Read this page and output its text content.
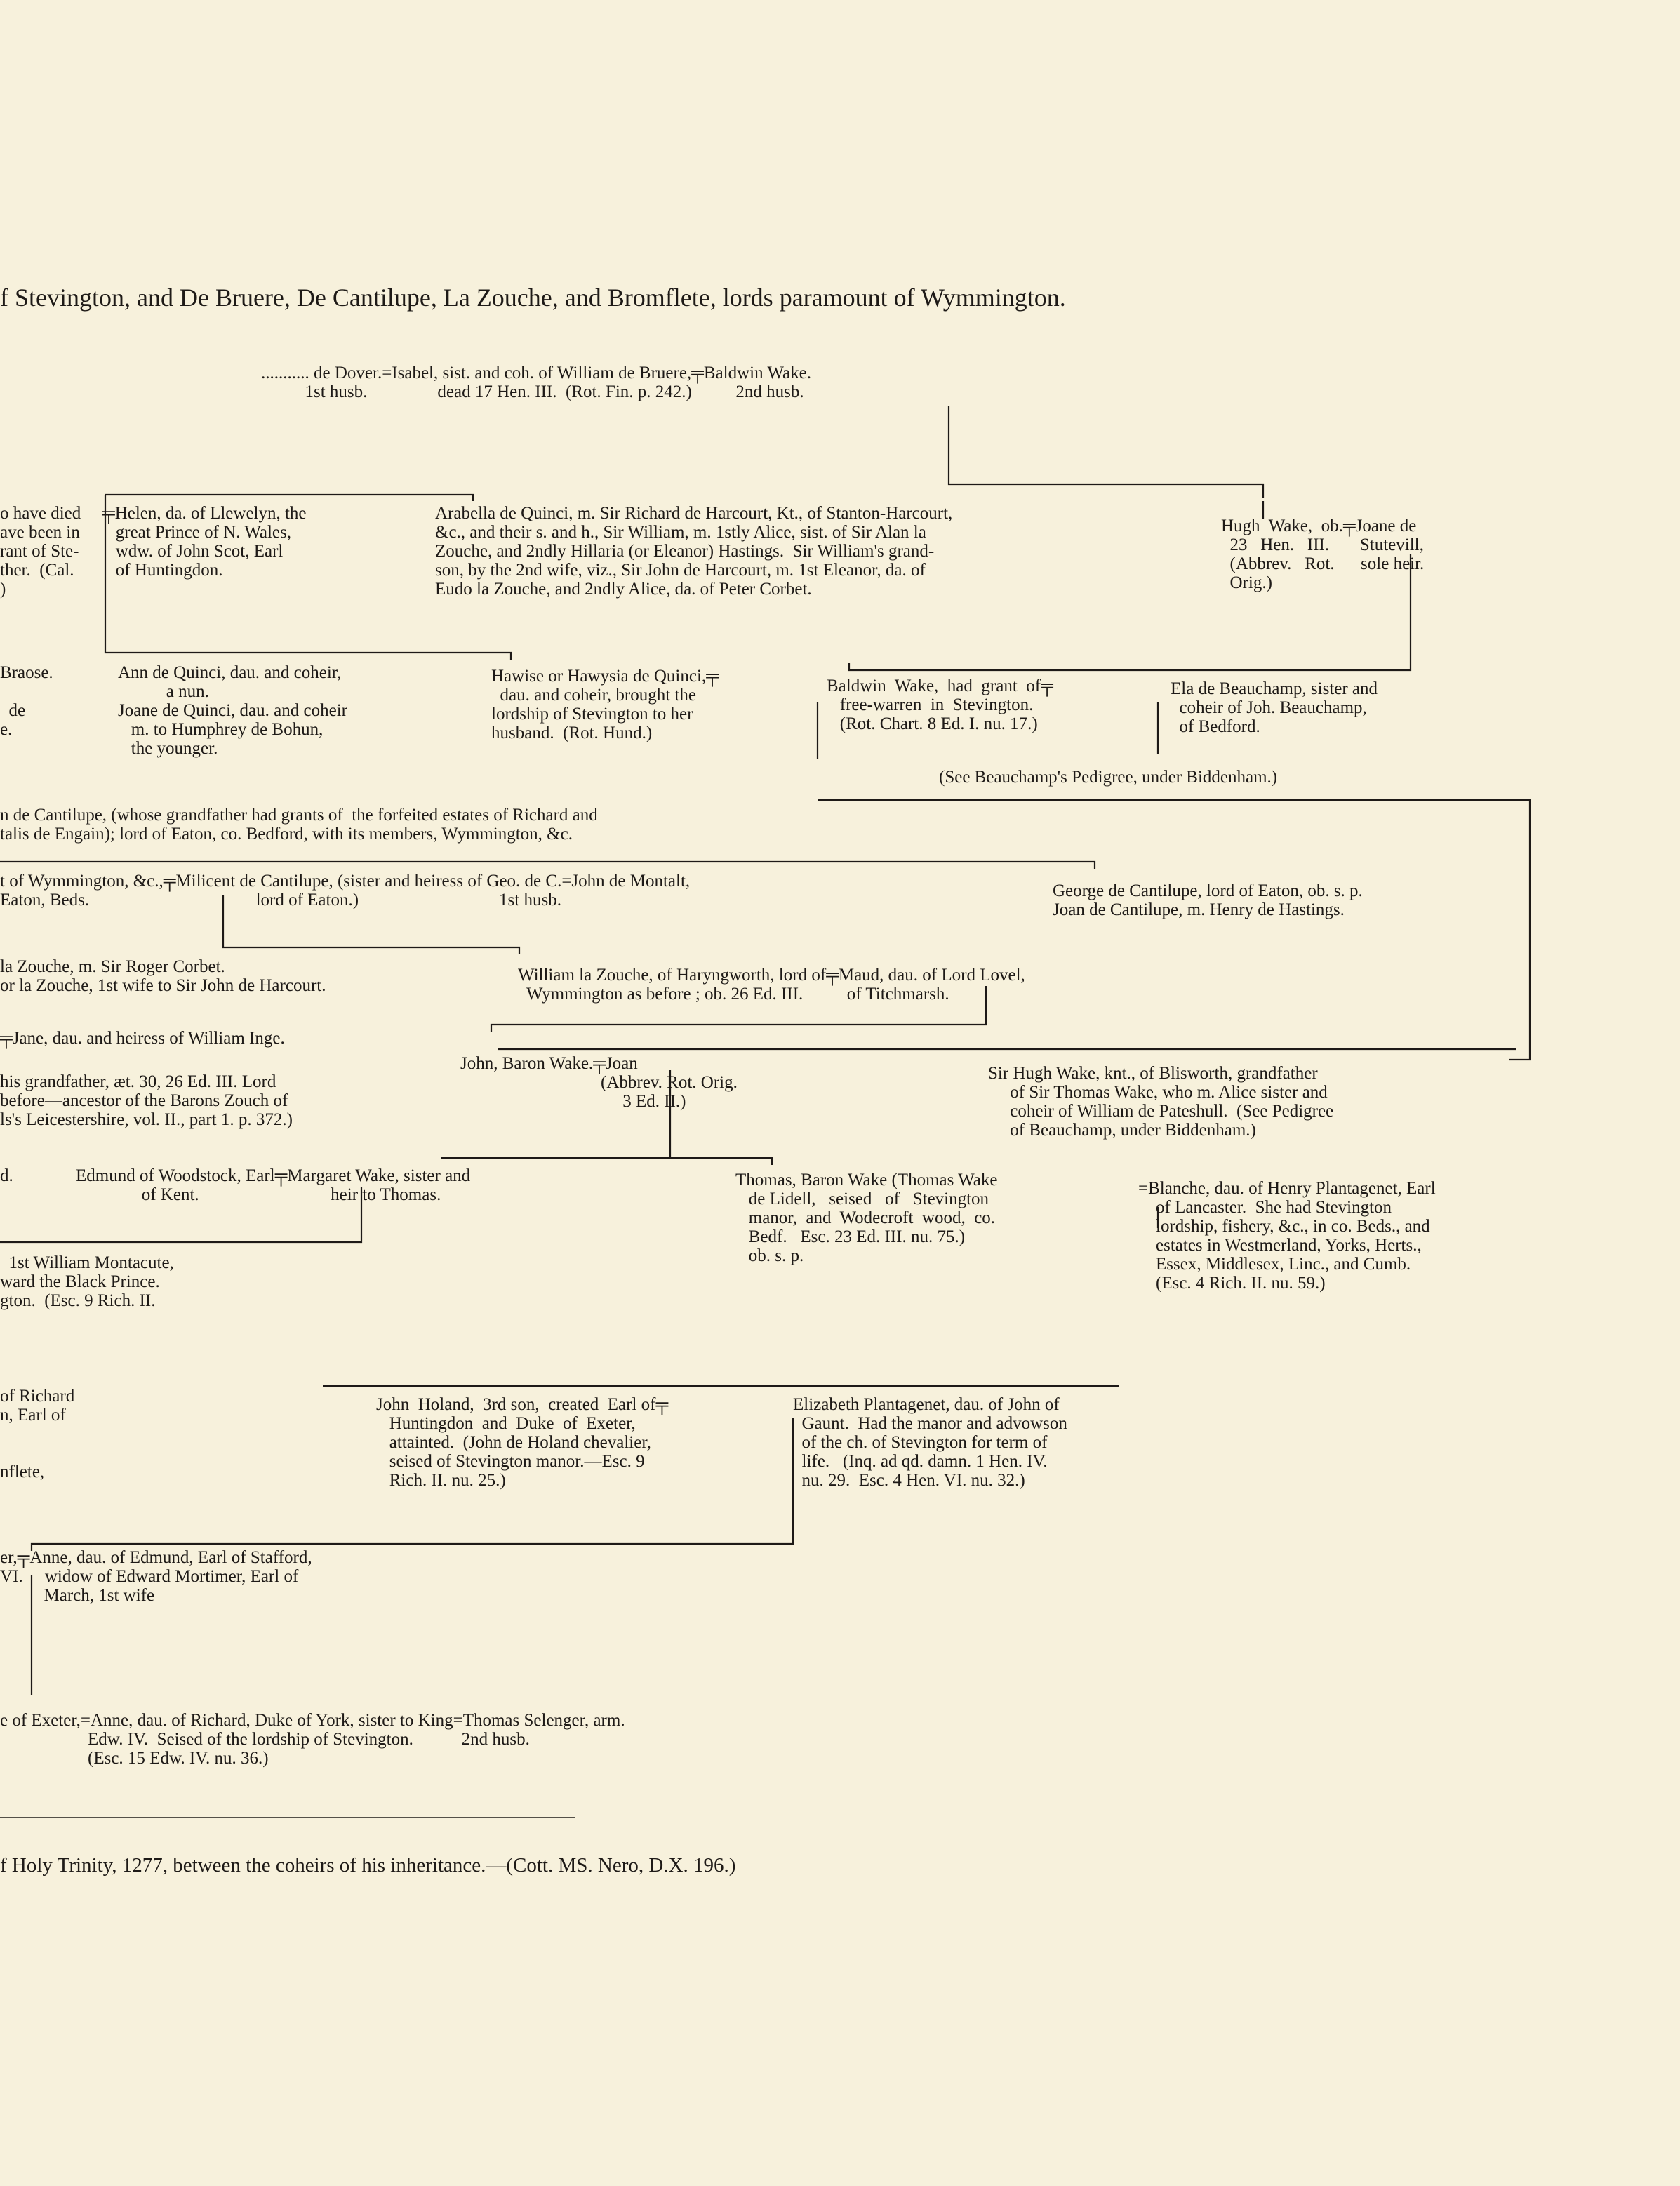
f Stevington, and De Bruere, De Cantilupe, La Zouche, and Bromflete, lords paramount of Wymmington.
........... de Dover.=Isabel, sist. and coh. of William de Bruere,╤Baldwin Wake.
1st husb.                dead 17 Hen. III.  (Rot. Fin. p. 242.)          2nd husb.
o have died
ave been in
rant of Ste-
ther.  (Cal.
)
╤Helen, da. of Llewelyn, the
great Prince of N. Wales,
wdw. of John Scot, Earl
of Huntingdon.
Arabella de Quinci, m. Sir Richard de Harcourt, Kt., of Stanton-Harcourt,
&c., and their s. and h., Sir William, m. 1stly Alice, sist. of Sir Alan la
Zouche, and 2ndly Hillaria (or Eleanor) Hastings.  Sir William's grand-
son, by the 2nd wife, viz., Sir John de Harcourt, m. 1st Eleanor, da. of
Eudo la Zouche, and 2ndly Alice, da. of Peter Corbet.
Hugh  Wake,  ob.╤Joane de
23   Hen.   III.       Stutevill,
(Abbrev.   Rot.      sole heir.
Orig.)
Braose.

de
e.
Ann de Quinci, dau. and coheir,
a nun.
Joane de Quinci, dau. and coheir
m. to Humphrey de Bohun,
the younger.
Hawise or Hawysia de Quinci,╤
dau. and coheir, brought the
lordship of Stevington to her
husband.  (Rot. Hund.)
Baldwin  Wake,  had  grant  of╤
free-warren  in  Stevington.
(Rot. Chart. 8 Ed. I. nu. 17.)
Ela de Beauchamp, sister and
coheir of Joh. Beauchamp,
of Bedford.
(See Beauchamp's Pedigree, under Biddenham.)
n de Cantilupe, (whose grandfather had grants of  the forfeited estates of Richard and
talis de Engain); lord of Eaton, co. Bedford, with its members, Wymmington, &c.
t of Wymmington, &c.,╤Milicent de Cantilupe, (sister and heiress of Geo. de C.=John de Montalt,
Eaton, Beds.                                      lord of Eaton.)                                1st husb.	George de Cantilupe, lord of Eaton, ob. s. p.
Joan de Cantilupe, m. Henry de Hastings.
la Zouche, m. Sir Roger Corbet.
or la Zouche, 1st wife to Sir John de Harcourt.
William la Zouche, of Haryngworth, lord of╤Maud, dau. of Lord Lovel,
Wymmington as before ; ob. 26 Ed. III.          of Titchmarsh.
╤Jane, dau. and heiress of William Inge.
his grandfather, æt. 30, 26 Ed. III. Lord
before—ancestor of the Barons Zouch of
ls's Leicestershire, vol. II., part 1. p. 372.)
John, Baron Wake.╤Joan
(Abbrev. Rot. Orig.
3 Ed. II.)
Sir Hugh Wake, knt., of Blisworth, grandfather
of Sir Thomas Wake, who m. Alice sister and
coheir of William de Pateshull.  (See Pedigree
of Beauchamp, under Biddenham.)
d.	Edmund of Woodstock, Earl╤Margaret Wake, sister and
of Kent.                              heir to Thomas.
Thomas, Baron Wake (Thomas Wake
de Lidell,   seised   of   Stevington
manor,  and  Wodecroft  wood,  co.
Bedf.   Esc. 23 Ed. III. nu. 75.)
ob. s. p.
=Blanche, dau. of Henry Plantagenet, Earl
of Lancaster.  She had Stevington
lordship, fishery, &c., in co. Beds., and
estates in Westmerland, Yorks, Herts.,
Essex, Middlesex, Linc., and Cumb.
(Esc. 4 Rich. II. nu. 59.)
1st William Montacute,
ward the Black Prince.
gton.  (Esc. 9 Rich. II.
of Richard
n, Earl of

nflete,
John  Holand,  3rd son,  created  Earl of╤
Huntingdon  and  Duke  of  Exeter,
attainted.  (John de Holand chevalier,
seised of Stevington manor.—Esc. 9
Rich. II. nu. 25.)
Elizabeth Plantagenet, dau. of John of
Gaunt.  Had the manor and advowson
of the ch. of Stevington for term of
life.   (Inq. ad qd. damn. 1 Hen. IV.
nu. 29.  Esc. 4 Hen. VI. nu. 32.)
er,╤Anne, dau. of Edmund, Earl of Stafford,
VI.     widow of Edward Mortimer, Earl of
March, 1st wife
e of Exeter,=Anne, dau. of Richard, Duke of York, sister to King=Thomas Selenger, arm.
Edw. IV.  Seised of the lordship of Stevington.           2nd husb.
(Esc. 15 Edw. IV. nu. 36.)
f Holy Trinity, 1277, between the coheirs of his inheritance.—(Cott. MS. Nero, D.X. 196.)
